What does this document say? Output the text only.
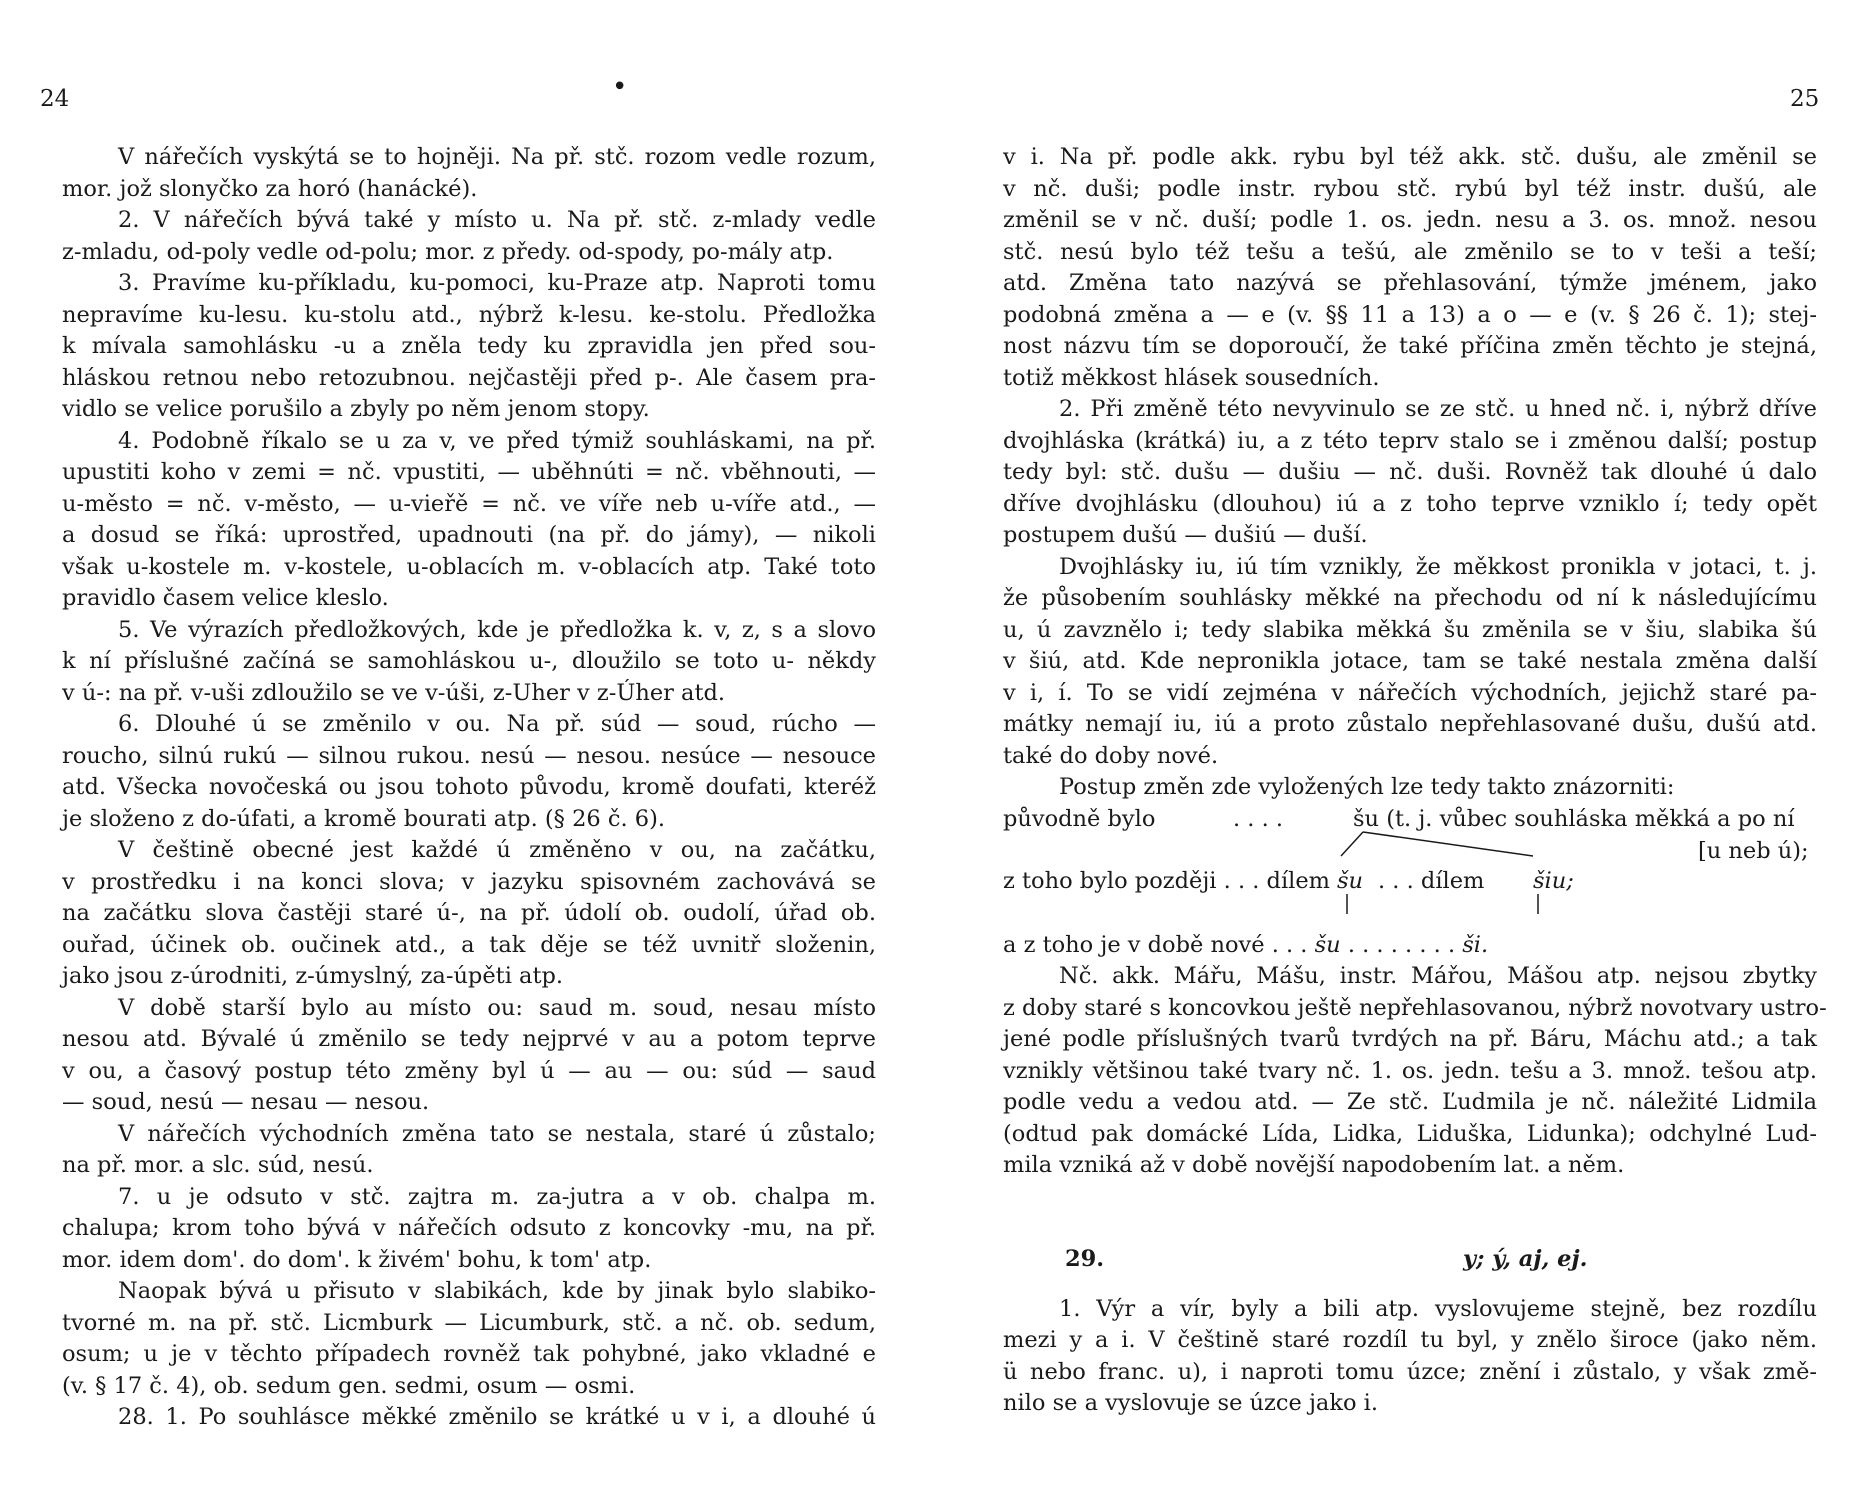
24	•	25
V nářečích vyskýtá se to hojněji. Na př. stč. rozom vedle rozum,
mor. jož slonyčko za horó (hanácké).
2. V nářečích bývá také y místo u. Na př. stč. z-mlady vedle
z-mladu, od-poly vedle od-polu; mor. z předy. od-spody, po-mály atp.
3. Pravíme ku-příkladu, ku-pomoci, ku-Praze atp. Naproti tomu
nepravíme ku-lesu. ku-stolu atd., nýbrž k-lesu. ke-stolu. Předložka
k mívala samohlásku -u a zněla tedy ku zpravidla jen před sou-
hláskou retnou nebo retozubnou. nejčastěji před p-. Ale časem pra-
vidlo se velice porušilo a zbyly po něm jenom stopy.
4. Podobně říkalo se u za v, ve před týmiž souhláskami, na př.
upustiti koho v zemi = nč. vpustiti, — uběhnúti = nč. vběhnouti, —
u-město = nč. v-město, — u-vieřě = nč. ve víře neb u-víře atd., —
a dosud se říká: uprostřed, upadnouti (na př. do jámy), — nikoli
však u-kostele m. v-kostele, u-oblacích m. v-oblacích atp. Také toto
pravidlo časem velice kleslo.
5. Ve výrazích předložkových, kde je předložka k. v, z, s a slovo
k ní příslušné začíná se samohláskou u-, dloužilo se toto u- někdy
v ú-: na př. v-uši zdloužilo se ve v-úši, z-Uher v z-Úher atd.
6. Dlouhé ú se změnilo v ou. Na př. súd — soud, rúcho —
roucho, silnú rukú — silnou rukou. nesú — nesou. nesúce — nesouce
atd. Všecka novočeská ou jsou tohoto původu, kromě doufati, kteréž
je složeno z do-úfati, a kromě bourati atp. (§ 26 č. 6).
V češtině obecné jest každé ú změněno v ou, na začátku,
v prostředku i na konci slova; v jazyku spisovném zachovává se
na začátku slova častěji staré ú-, na př. údolí ob. oudolí, úřad ob.
ouřad, účinek ob. oučinek atd., a tak děje se též uvnitř složenin,
jako jsou z-úrodniti, z-úmyslný, za-úpěti atp.
V době starší bylo au místo ou: saud m. soud, nesau místo
nesou atd. Bývalé ú změnilo se tedy nejprvé v au a potom teprve
v ou, a časový postup této změny byl ú — au — ou: súd — saud
— soud, nesú — nesau — nesou.
V nářečích východních změna tato se nestala, staré ú zůstalo;
na př. mor. a slc. súd, nesú.
7. u je odsuto v stč. zajtra m. za-jutra a v ob. chalpa m.
chalupa; krom toho bývá v nářečích odsuto z koncovky -mu, na př.
mor. idem dom'. do dom'. k živém' bohu, k tom' atp.
Naopak bývá u přisuto v slabikách, kde by jinak bylo slabiko-
tvorné m. na př. stč. Licmburk — Licumburk, stč. a nč. ob. sedum,
osum; u je v těchto případech rovněž tak pohybné, jako vkladné e
(v. § 17 č. 4), ob. sedum gen. sedmi, osum — osmi.
28. 1. Po souhlásce měkké změnilo se krátké u v i, a dlouhé ú
v i. Na př. podle akk. rybu byl též akk. stč. dušu, ale změnil se
v nč. duši; podle instr. rybou stč. rybú byl též instr. dušú, ale
změnil se v nč. duší; podle 1. os. jedn. nesu a 3. os. množ. nesou
stč. nesú bylo též tešu a tešú, ale změnilo se to v teši a teší;
atd. Změna tato nazývá se přehlasování, týmže jménem, jako
podobná změna a — e (v. §§ 11 a 13) a o — e (v. § 26 č. 1); stej-
nost názvu tím se doporoučí, že také příčina změn těchto je stejná,
totiž měkkost hlásek sousedních.
2. Při změně této nevyvinulo se ze stč. u hned nč. i, nýbrž dříve
dvojhláska (krátká) iu, a z této teprv stalo se i změnou další; postup
tedy byl: stč. dušu — dušiu — nč. duši. Rovněž tak dlouhé ú dalo
dříve dvojhlásku (dlouhou) iú a z toho teprve vzniklo í; tedy opět
postupem dušú — dušiú — duší.
Dvojhlásky iu, iú tím vznikly, že měkkost pronikla v jotaci, t. j.
že působením souhlásky měkké na přechodu od ní k následujícímu
u, ú zavznělo i; tedy slabika měkká šu změnila se v šiu, slabika šú
v šiú, atd. Kde nepronikla jotace, tam se také nestala změna další
v i, í. To se vidí zejména v nářečích východních, jejichž staré pa-
mátky nemají iu, iú a proto zůstalo nepřehlasované dušu, dušú atd.
také do doby nové.
Postup změn zde vyložených lze tedy takto znázorniti:
původně bylo	. . . .	šu (t. j. vůbec souhláska měkká a po ní
[u neb ú);
z toho bylo později . . . dílem šu . . . dílem šiu;
a z toho je v době nové . . . šu . . . . . . . . ši.
Nč. akk. Mářu, Mášu, instr. Mářou, Mášou atp. nejsou zbytky
z doby staré s koncovkou ještě nepřehlasovanou, nýbrž novotvary ustro-
jené podle příslušných tvarů tvrdých na př. Báru, Máchu atd.; a tak
vznikly většinou také tvary nč. 1. os. jedn. tešu a 3. množ. tešou atp.
podle vedu a vedou atd. — Ze stč. Ľudmila je nč. náležité Lidmila
(odtud pak domácké Lída, Lidka, Liduška, Lidunka); odchylné Lud-
mila vzniká až v době novější napodobením lat. a něm.
29.	y; ý, aj, ej.
1. Výr a vír, byly a bili atp. vyslovujeme stejně, bez rozdílu
mezi y a i. V češtině staré rozdíl tu byl, y znělo široce (jako něm.
ü nebo franc. u), i naproti tomu úzce; znění i zůstalo, y však změ-
nilo se a vyslovuje se úzce jako i.
